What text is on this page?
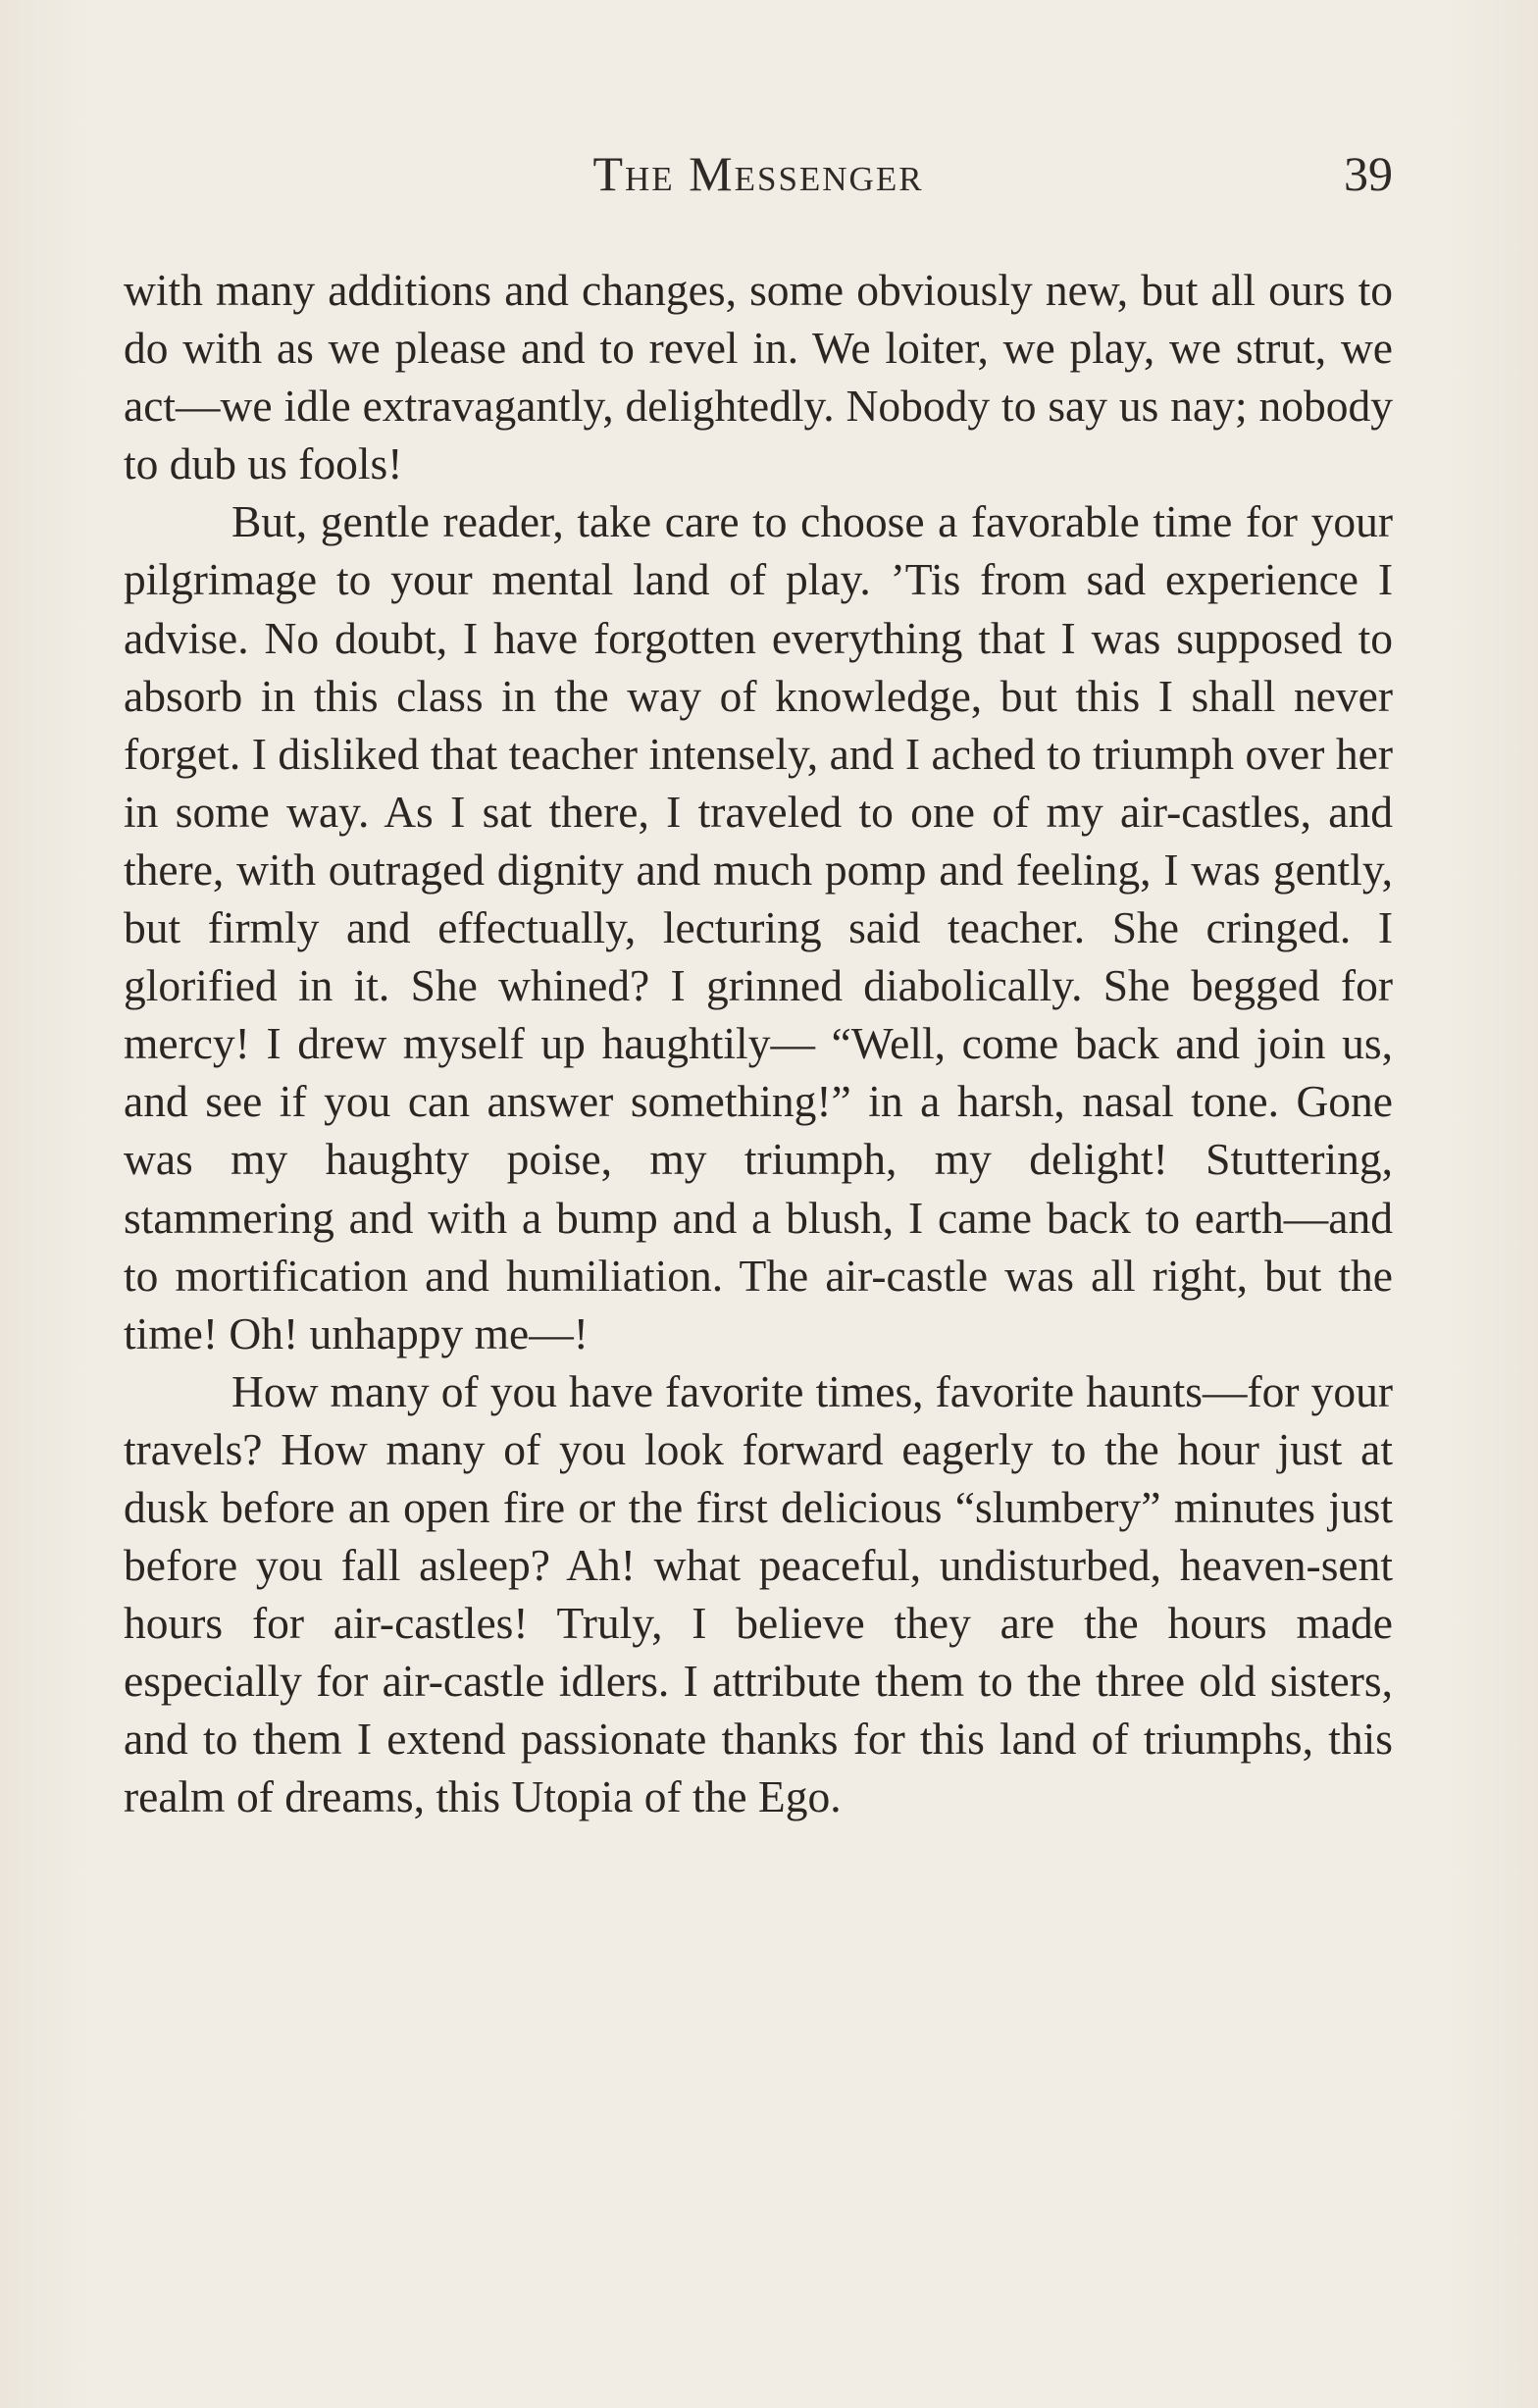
The Messenger	39

with many additions and changes, some obviously new, but all ours to do with as we please and to revel in. We loiter, we play, we strut, we act—we idle extravagantly, delightedly. Nobody to say us nay; nobody to dub us fools!

But, gentle reader, take care to choose a favorable time for your pilgrimage to your mental land of play. ’Tis from sad experience I advise. No doubt, I have forgotten everything that I was supposed to absorb in this class in the way of knowledge, but this I shall never forget. I disliked that teacher intensely, and I ached to triumph over her in some way. As I sat there, I traveled to one of my air-castles, and there, with outraged dignity and much pomp and feeling, I was gently, but firmly and effectually, lecturing said teacher. She cringed. I glorified in it. She whined? I grinned diabolically. She begged for mercy! I drew myself up haughtily— “Well, come back and join us, and see if you can answer something!” in a harsh, nasal tone. Gone was my haughty poise, my triumph, my delight! Stuttering, stammering and with a bump and a blush, I came back to earth—and to mortification and humiliation. The air-castle was all right, but the time! Oh! unhappy me—!

How many of you have favorite times, favorite haunts—for your travels? How many of you look forward eagerly to the hour just at dusk before an open fire or the first delicious “slumbery” minutes just before you fall asleep? Ah! what peaceful, undisturbed, heaven-sent hours for air-castles! Truly, I believe they are the hours made especially for air-castle idlers. I attribute them to the three old sisters, and to them I extend passionate thanks for this land of triumphs, this realm of dreams, this Utopia of the Ego.
